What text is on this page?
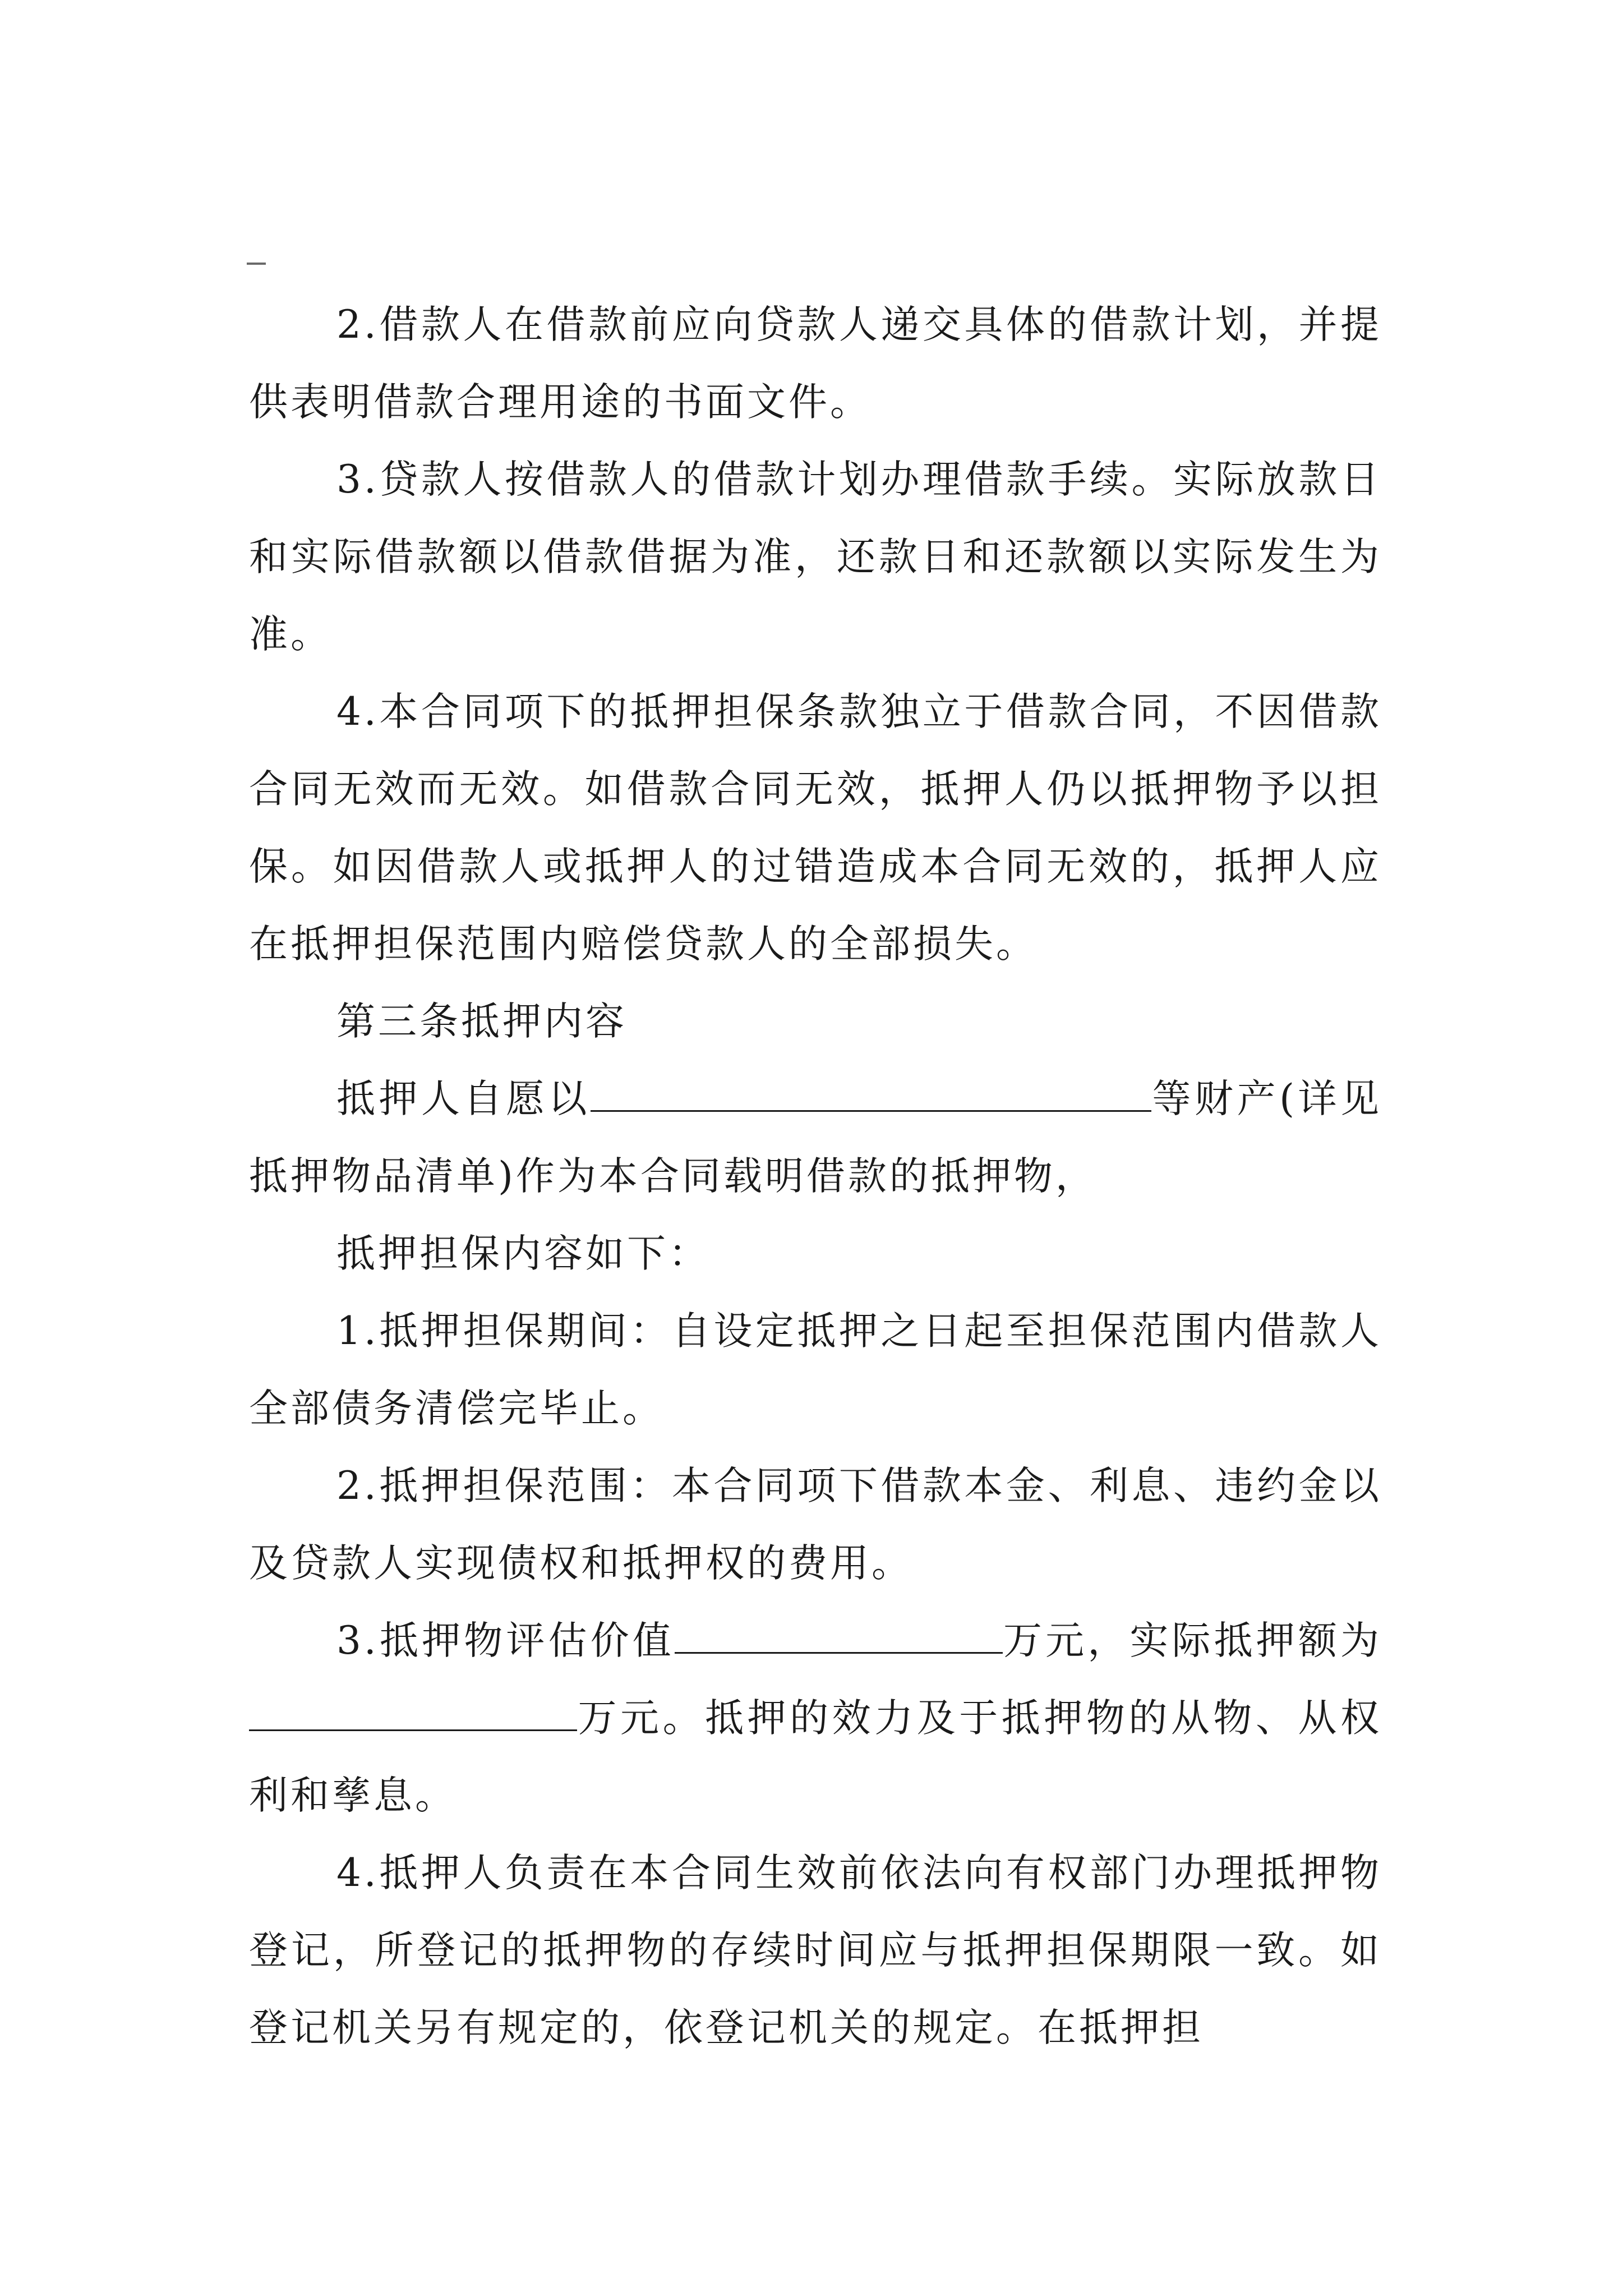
2.借款人在借款前应向贷款人递交具体的借款计划，并提供表明借款合理用途的书面文件。

3.贷款人按借款人的借款计划办理借款手续。实际放款日和实际借款额以借款借据为准，还款日和还款额以实际发生为准。

4.本合同项下的抵押担保条款独立于借款合同，不因借款合同无效而无效。如借款合同无效，抵押人仍以抵押物予以担保。如因借款人或抵押人的过错造成本合同无效的，抵押人应在抵押担保范围内赔偿贷款人的全部损失。

第三条抵押内容

抵押人自愿以	等财产(详见抵押物品清单)作为本合同载明借款的抵押物，

抵押担保内容如下：

1.抵押担保期间：自设定抵押之日起至担保范围内借款人全部债务清偿完毕止。

2.抵押担保范围：本合同项下借款本金、利息、违约金以及贷款人实现债权和抵押权的费用。

3.抵押物评估价值	万元，实际抵押额为万元。抵押的效力及于抵押物的从物、从权利和孳息。

4.抵押人负责在本合同生效前依法向有权部门办理抵押物登记，所登记的抵押物的存续时间应与抵押担保期限一致。如登记机关另有规定的，依登记机关的规定。在抵押担
